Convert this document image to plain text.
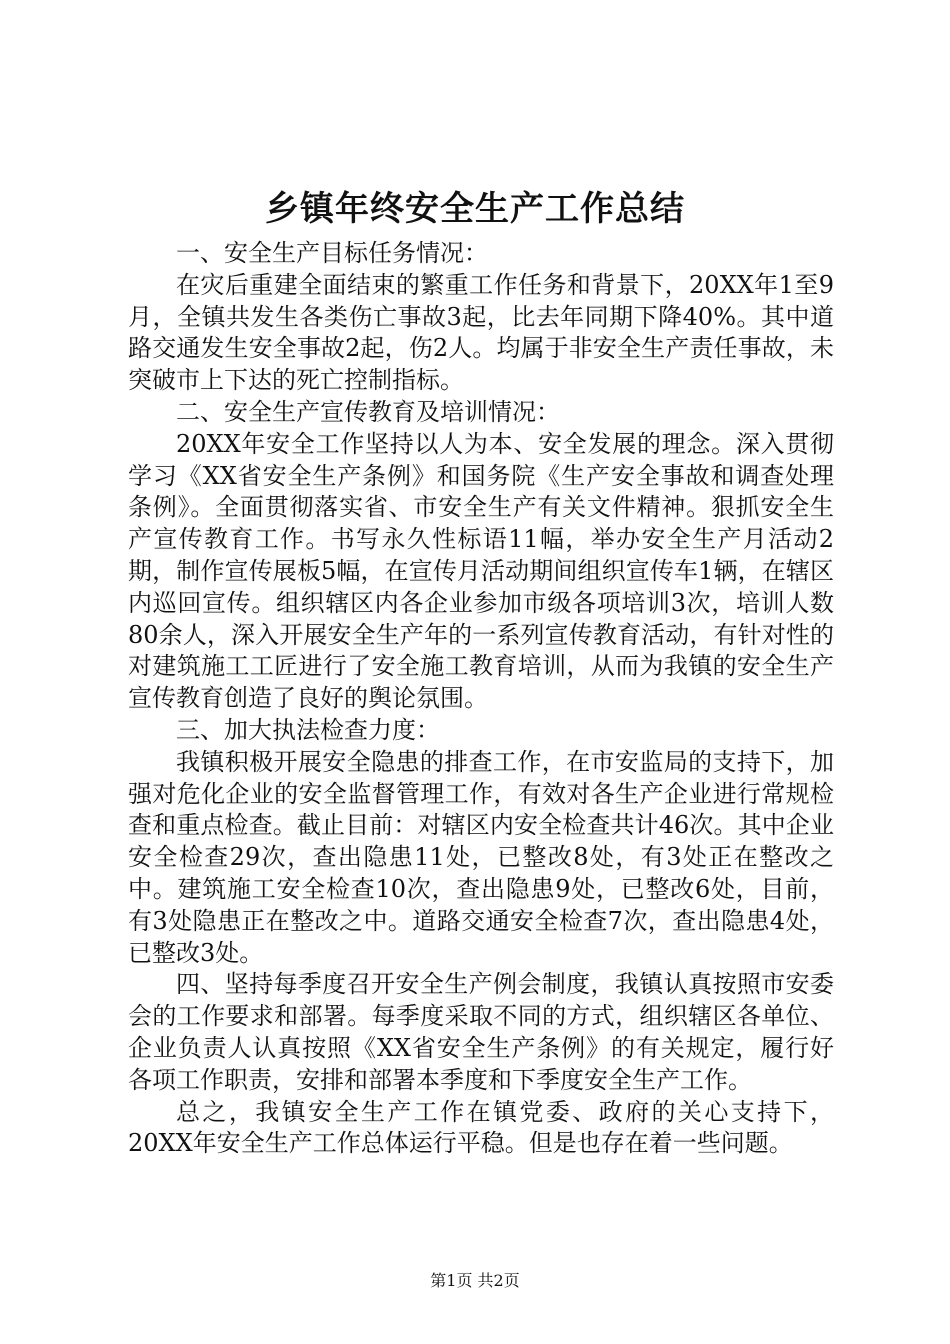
乡镇年终安全生产工作总结

一、安全生产目标任务情况：

在灾后重建全面结束的繁重工作任务和背景下，20XX年1至9月，全镇共发生各类伤亡事故3起，比去年同期下降40%。其中道路交通发生安全事故2起，伤2人。均属于非安全生产责任事故，未突破市上下达的死亡控制指标。

二、安全生产宣传教育及培训情况：

20XX年安全工作坚持以人为本、安全发展的理念。深入贯彻学习《XX省安全生产条例》和国务院《生产安全事故和调查处理条例》。全面贯彻落实省、市安全生产有关文件精神。狠抓安全生产宣传教育工作。书写永久性标语11幅，举办安全生产月活动2期，制作宣传展板5幅，在宣传月活动期间组织宣传车1辆，在辖区内巡回宣传。组织辖区内各企业参加市级各项培训3次，培训人数80余人，深入开展安全生产年的一系列宣传教育活动，有针对性的对建筑施工工匠进行了安全施工教育培训，从而为我镇的安全生产宣传教育创造了良好的舆论氛围。

三、加大执法检查力度：

我镇积极开展安全隐患的排查工作，在市安监局的支持下，加强对危化企业的安全监督管理工作，有效对各生产企业进行常规检查和重点检查。截止目前：对辖区内安全检查共计46次。其中企业安全检查29次，查出隐患11处，已整改8处，有3处正在整改之中。建筑施工安全检查10次，查出隐患9处，已整改6处，目前，有3处隐患正在整改之中。道路交通安全检查7次，查出隐患4处，已整改3处。

四、坚持每季度召开安全生产例会制度，我镇认真按照市安委会的工作要求和部署。每季度采取不同的方式，组织辖区各单位、企业负责人认真按照《XX省安全生产条例》的有关规定，履行好各项工作职责，安排和部署本季度和下季度安全生产工作。

总之，我镇安全生产工作在镇党委、政府的关心支持下，20XX年安全生产工作总体运行平稳。但是也存在着一些问题。

第1页 共2页
